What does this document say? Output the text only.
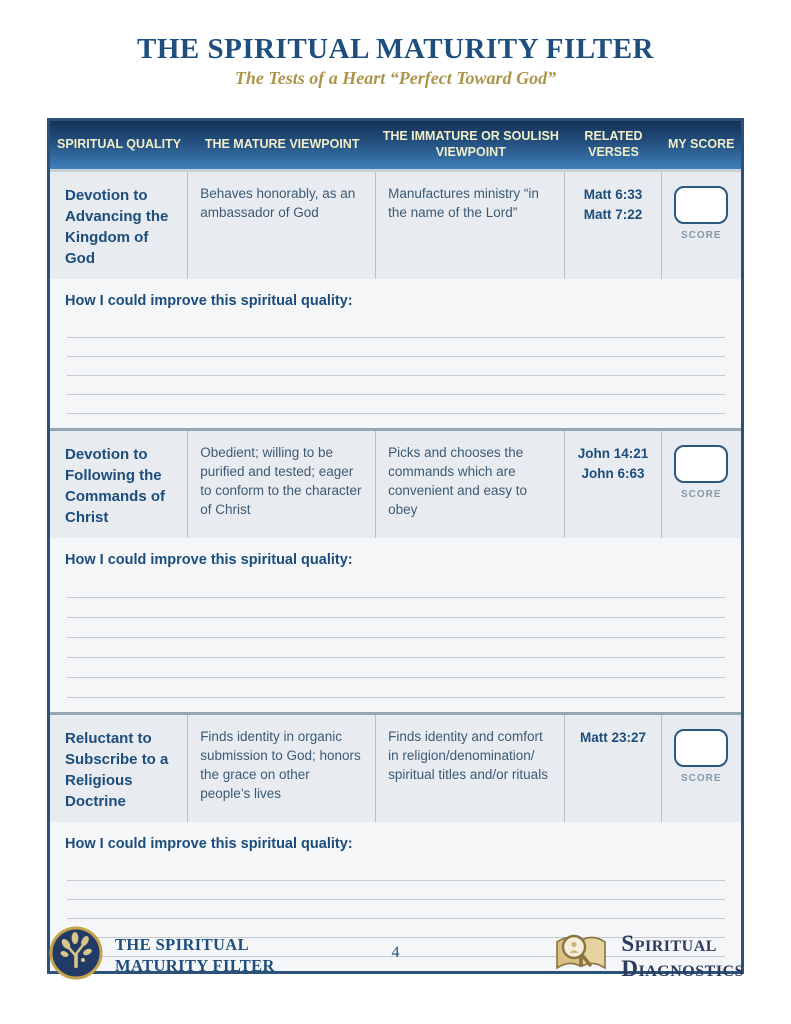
THE SPIRITUAL MATURITY FILTER
The Tests of a Heart “Perfect Toward God”
SPIRITUAL QUALITY	THE MATURE VIEWPOINT
THE IMMATURE OR SOULISH VIEWPOINT
RELATED VERSES
MY SCORE
Devotion to Advancing the Kingdom of God
Behaves honorably, as an ambassador of God
Manufactures ministry “in the name of the Lord”
Matt 6:33
Matt 7:22
SCORE
How I could improve this spiritual quality:
Devotion to Following the Commands of Christ
Obedient; willing to be purified and tested; eager to conform to the character of Christ
Picks and chooses the commands which are convenient and easy to obey
John 14:21
John 6:63
SCORE
How I could improve this spiritual quality:
Reluctant to Subscribe to a Religious Doctrine
Finds identity in organic submission to God; honors the grace on other people’s lives
Finds identity and comfort in religion/denomination/ spiritual titles and/or rituals
Matt 23:27
SCORE
How I could improve this spiritual quality:
THE SPIRITUAL
MATURITY FILTER
4	Spiritual
Diagnostics
